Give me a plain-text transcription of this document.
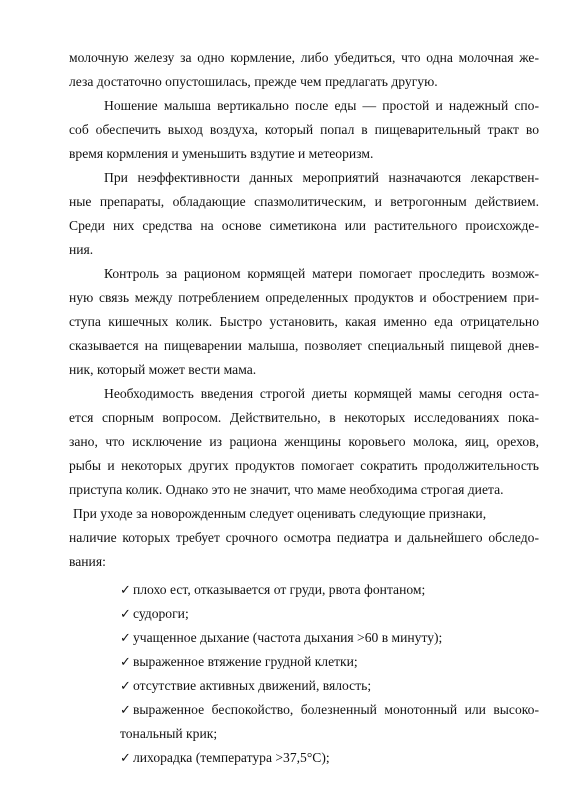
молочную железу за одно кормление, либо убедиться, что одна молочная же-
леза достаточно опустошилась, прежде чем предлагать другую.
Ношение малыша вертикально после еды — простой и надежный спо-
соб обеспечить выход воздуха, который попал в пищеварительный тракт во
время кормления и уменьшить вздутие и метеоризм.
При неэффективности данных мероприятий назначаются лекарствен-
ные препараты, обладающие спазмолитическим, и ветрогонным действием.
Среди них средства на основе симетикона или растительного происхожде-
ния.
Контроль за рационом кормящей матери помогает проследить возмож-
ную связь между потреблением определенных продуктов и обострением при-
ступа кишечных колик. Быстро установить, какая именно еда отрицательно
сказывается на пищеварении малыша, позволяет специальный пищевой днев-
ник, который может вести мама.
Необходимость введения строгой диеты кормящей мамы сегодня оста-
ется спорным вопросом. Действительно, в некоторых исследованиях пока-
зано, что исключение из рациона женщины коровьего молока, яиц, орехов,
рыбы и некоторых других продуктов помогает сократить продолжительность
приступа колик. Однако это не значит, что маме необходима строгая диета.
При уходе за новорожденным следует оценивать следующие признаки,
наличие которых требует срочного осмотра педиатра и дальнейшего обследо-
вания:
✓ плохо ест, отказывается от груди, рвота фонтаном;
✓ судороги;
✓ учащенное дыхание (частота дыхания >60 в минуту);
✓ выраженное втяжение грудной клетки;
✓ отсутствие активных движений, вялость;
✓ выраженное беспокойство, болезненный монотонный или высоко-
тональный крик;
✓ лихорадка (температура >37,5°C);
